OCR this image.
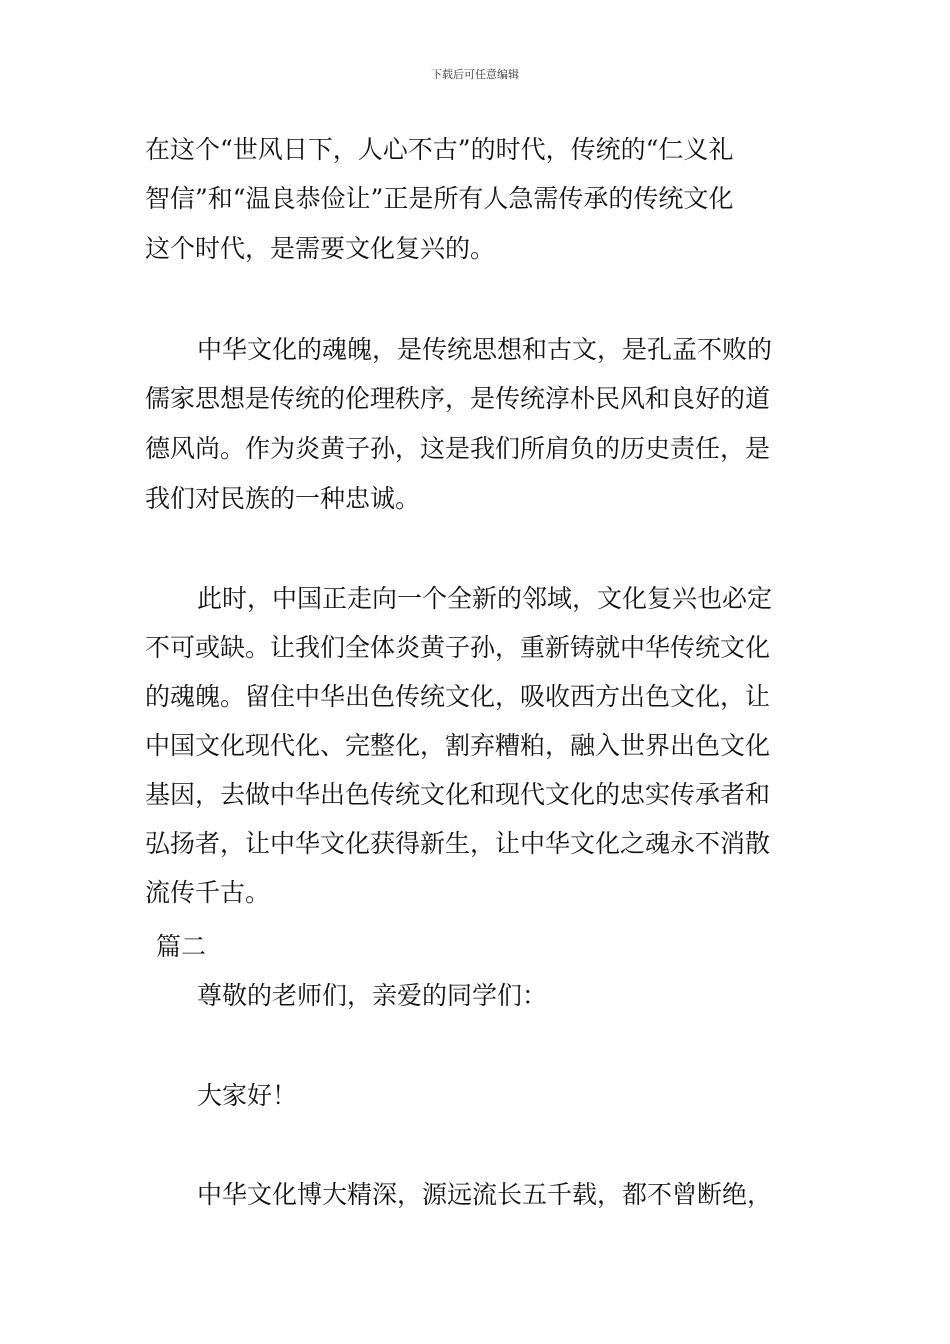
下载后可任意编辑
在这个“世风日下，人心不古”的时代，传统的“仁义礼
智信”和“温良恭俭让”正是所有人急需传承的传统文化
这个时代，是需要文化复兴的。
中华文化的魂魄，是传统思想和古文，是孔孟不败的
儒家思想是传统的伦理秩序，是传统淳朴民风和良好的道
德风尚。作为炎黄子孙，这是我们所肩负的历史责任，是
我们对民族的一种忠诚。
此时，中国正走向一个全新的邻域，文化复兴也必定
不可或缺。让我们全体炎黄子孙，重新铸就中华传统文化
的魂魄。留住中华出色传统文化，吸收西方出色文化，让
中国文化现代化、完整化，割弃糟粕，融入世界出色文化
基因，去做中华出色传统文化和现代文化的忠实传承者和
弘扬者，让中华文化获得新生，让中华文化之魂永不消散
流传千古。
篇二
尊敬的老师们，亲爱的同学们：
大家好！
中华文化博大精深，源远流长五千载，都不曾断绝，
